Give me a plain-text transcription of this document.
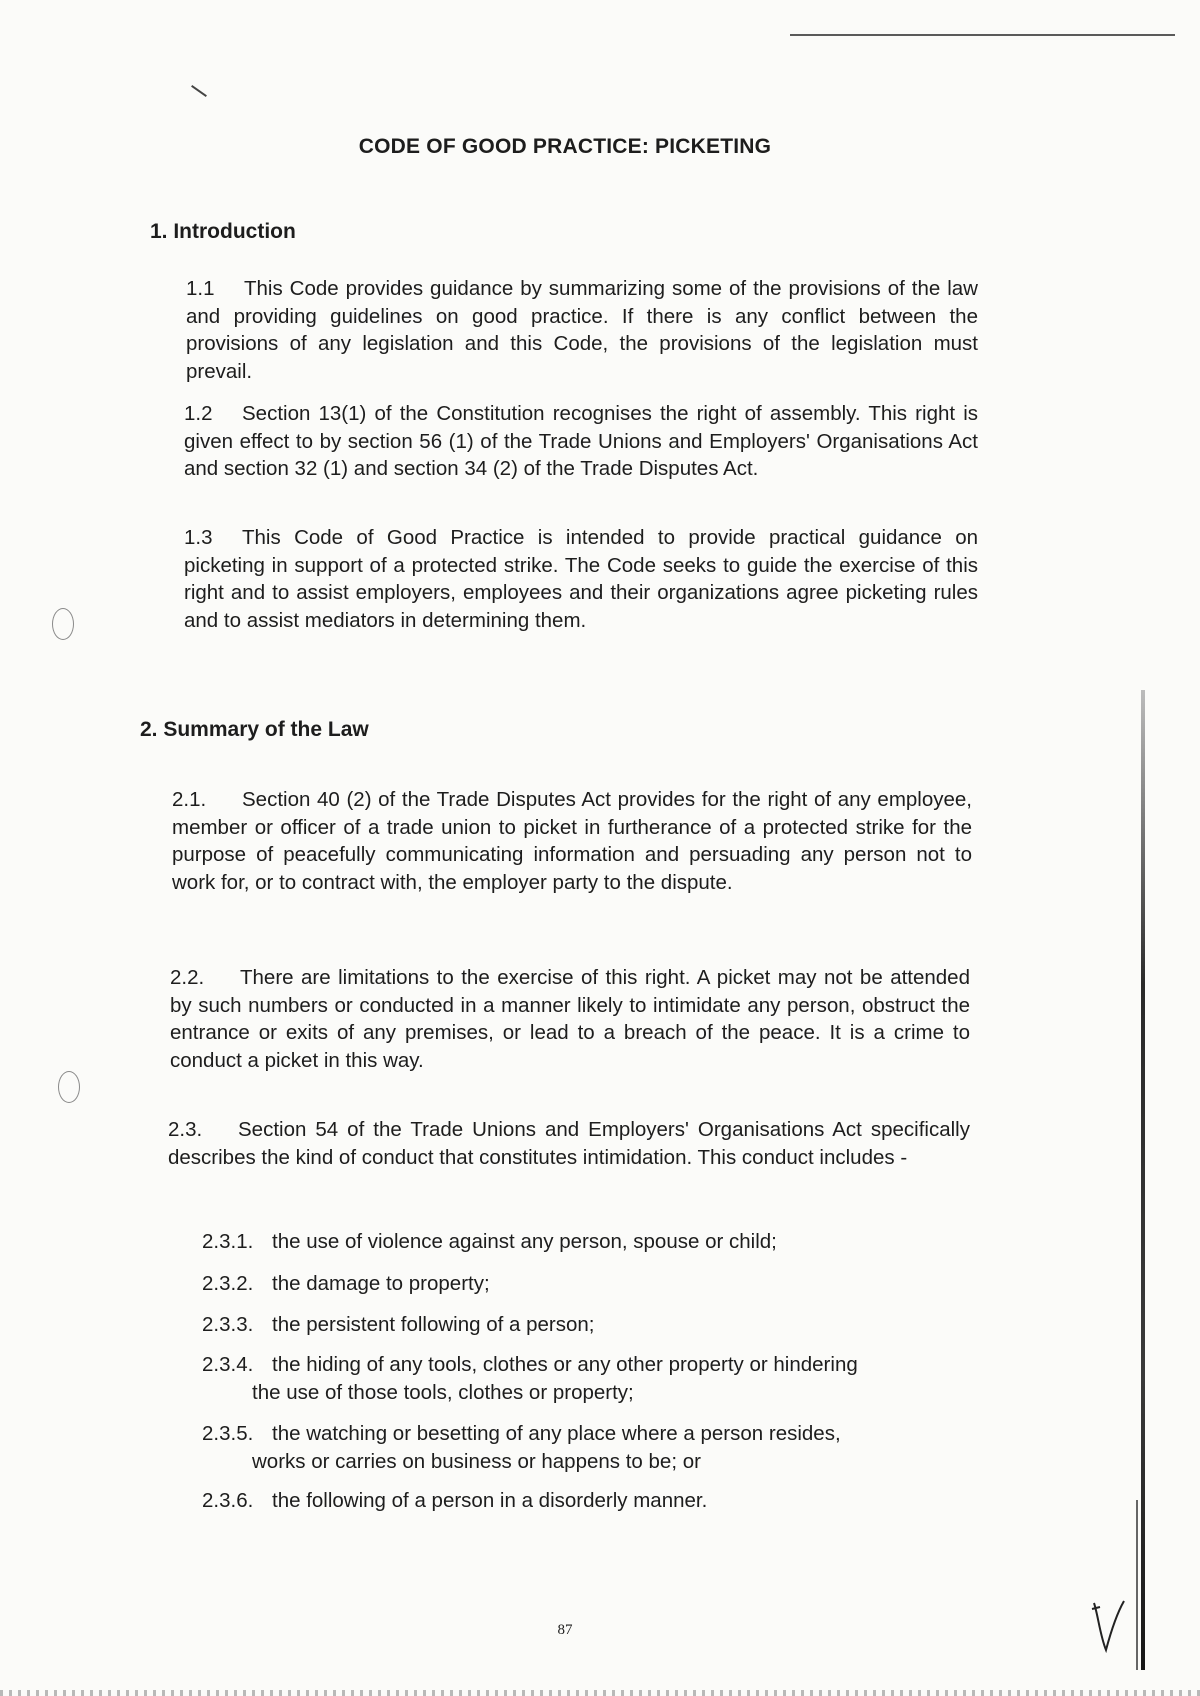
CODE OF GOOD PRACTICE: PICKETING
1. Introduction
1.1 This Code provides guidance by summarizing some of the provisions of the law and providing guidelines on good practice. If there is any conflict between the provisions of any legislation and this Code, the provisions of the legislation must prevail.
1.2 Section 13(1) of the Constitution recognises the right of assembly. This right is given effect to by section 56 (1) of the Trade Unions and Employers' Organisations Act and section 32 (1) and section 34 (2) of the Trade Disputes Act.
1.3 This Code of Good Practice is intended to provide practical guidance on picketing in support of a protected strike. The Code seeks to guide the exercise of this right and to assist employers, employees and their organizations agree picketing rules and to assist mediators in determining them.
2. Summary of the Law
2.1. Section 40 (2) of the Trade Disputes Act provides for the right of any employee, member or officer of a trade union to picket in furtherance of a protected strike for the purpose of peacefully communicating information and persuading any person not to work for, or to contract with, the employer party to the dispute.
2.2. There are limitations to the exercise of this right. A picket may not be attended by such numbers or conducted in a manner likely to intimidate any person, obstruct the entrance or exits of any premises, or lead to a breach of the peace. It is a crime to conduct a picket in this way.
2.3. Section 54 of the Trade Unions and Employers' Organisations Act specifically describes the kind of conduct that constitutes intimidation. This conduct includes -
2.3.1. the use of violence against any person, spouse or child;
2.3.2. the damage to property;
2.3.3. the persistent following of a person;
2.3.4. the hiding of any tools, clothes or any other property or hindering
the use of those tools, clothes or property;
2.3.5. the watching or besetting of any place where a person resides,
works or carries on business or happens to be; or
2.3.6. the following of a person in a disorderly manner.
87
